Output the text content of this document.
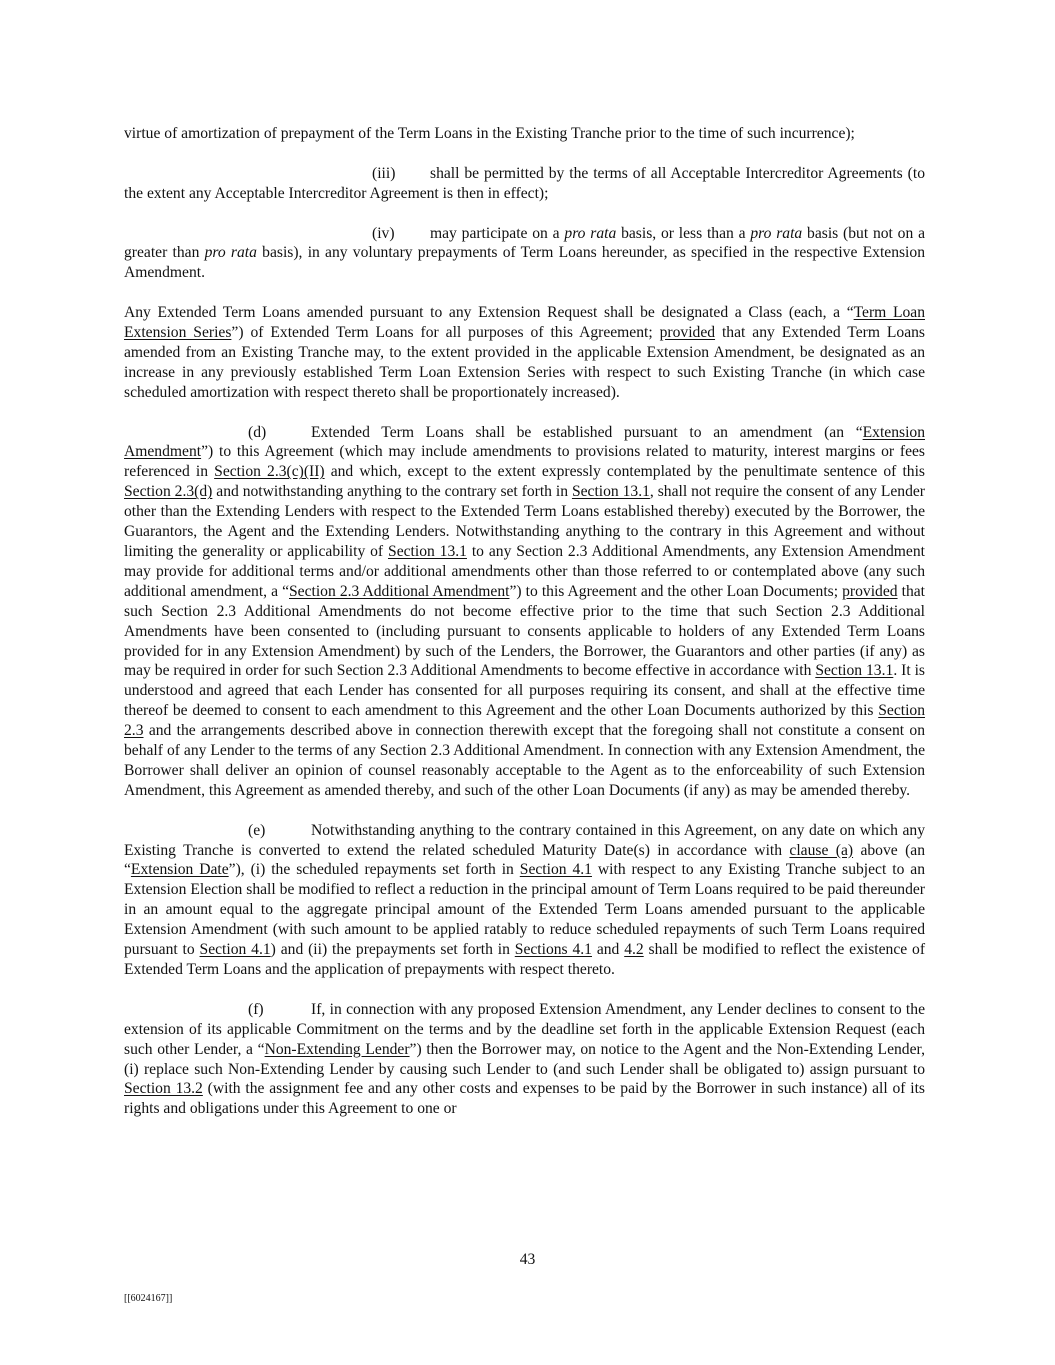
virtue of amortization of prepayment of the Term Loans in the Existing Tranche prior to the time of such incurrence);

(iii) shall be permitted by the terms of all Acceptable Intercreditor Agreements (to the extent any Acceptable Intercreditor Agreement is then in effect);

(iv) may participate on a pro rata basis, or less than a pro rata basis (but not on a greater than pro rata basis), in any voluntary prepayments of Term Loans hereunder, as specified in the respective Extension Amendment.

Any Extended Term Loans amended pursuant to any Extension Request shall be designated a Class (each, a “Term Loan Extension Series”) of Extended Term Loans for all purposes of this Agreement; provided that any Extended Term Loans amended from an Existing Tranche may, to the extent provided in the applicable Extension Amendment, be designated as an increase in any previously established Term Loan Extension Series with respect to such Existing Tranche (in which case scheduled amortization with respect thereto shall be proportionately increased).

(d)	Extended Term Loans shall be established pursuant to an amendment (an “Extension Amendment”) to this Agreement (which may include amendments to provisions related to maturity, interest margins or fees referenced in Section 2.3(c)(II) and which, except to the extent expressly contemplated by the penultimate sentence of this Section 2.3(d) and notwithstanding anything to the contrary set forth in Section 13.1, shall not require the consent of any Lender other than the Extending Lenders with respect to the Extended Term Loans established thereby) executed by the Borrower, the Guarantors, the Agent and the Extending Lenders. Notwithstanding anything to the contrary in this Agreement and without limiting the generality or applicability of Section 13.1 to any Section 2.3 Additional Amendments, any Extension Amendment may provide for additional terms and/or additional amendments other than those referred to or contemplated above (any such additional amendment, a “Section 2.3 Additional Amendment”) to this Agreement and the other Loan Documents; provided that such Section 2.3 Additional Amendments do not become effective prior to the time that such Section 2.3 Additional Amendments have been consented to (including pursuant to consents applicable to holders of any Extended Term Loans provided for in any Extension Amendment) by such of the Lenders, the Borrower, the Guarantors and other parties (if any) as may be required in order for such Section 2.3 Additional Amendments to become effective in accordance with Section 13.1. It is understood and agreed that each Lender has consented for all purposes requiring its consent, and shall at the effective time thereof be deemed to consent to each amendment to this Agreement and the other Loan Documents authorized by this Section 2.3 and the arrangements described above in connection therewith except that the foregoing shall not constitute a consent on behalf of any Lender to the terms of any Section 2.3 Additional Amendment. In connection with any Extension Amendment, the Borrower shall deliver an opinion of counsel reasonably acceptable to the Agent as to the enforceability of such Extension Amendment, this Agreement as amended thereby, and such of the other Loan Documents (if any) as may be amended thereby.

(e)	Notwithstanding anything to the contrary contained in this Agreement, on any date on which any Existing Tranche is converted to extend the related scheduled Maturity Date(s) in accordance with clause (a) above (an “Extension Date”), (i) the scheduled repayments set forth in Section 4.1 with respect to any Existing Tranche subject to an Extension Election shall be modified to reflect a reduction in the principal amount of Term Loans required to be paid thereunder in an amount equal to the aggregate principal amount of the Extended Term Loans amended pursuant to the applicable Extension Amendment (with such amount to be applied ratably to reduce scheduled repayments of such Term Loans required pursuant to Section 4.1) and (ii) the prepayments set forth in Sections 4.1 and 4.2 shall be modified to reflect the existence of Extended Term Loans and the application of prepayments with respect thereto.

(f)	If, in connection with any proposed Extension Amendment, any Lender declines to consent to the extension of its applicable Commitment on the terms and by the deadline set forth in the applicable Extension Request (each such other Lender, a “Non-Extending Lender”) then the Borrower may, on notice to the Agent and the Non-Extending Lender, (i) replace such Non-Extending Lender by causing such Lender to (and such Lender shall be obligated to) assign pursuant to Section 13.2 (with the assignment fee and any other costs and expenses to be paid by the Borrower in such instance) all of its rights and obligations under this Agreement to one or

43
[[6024167]]
